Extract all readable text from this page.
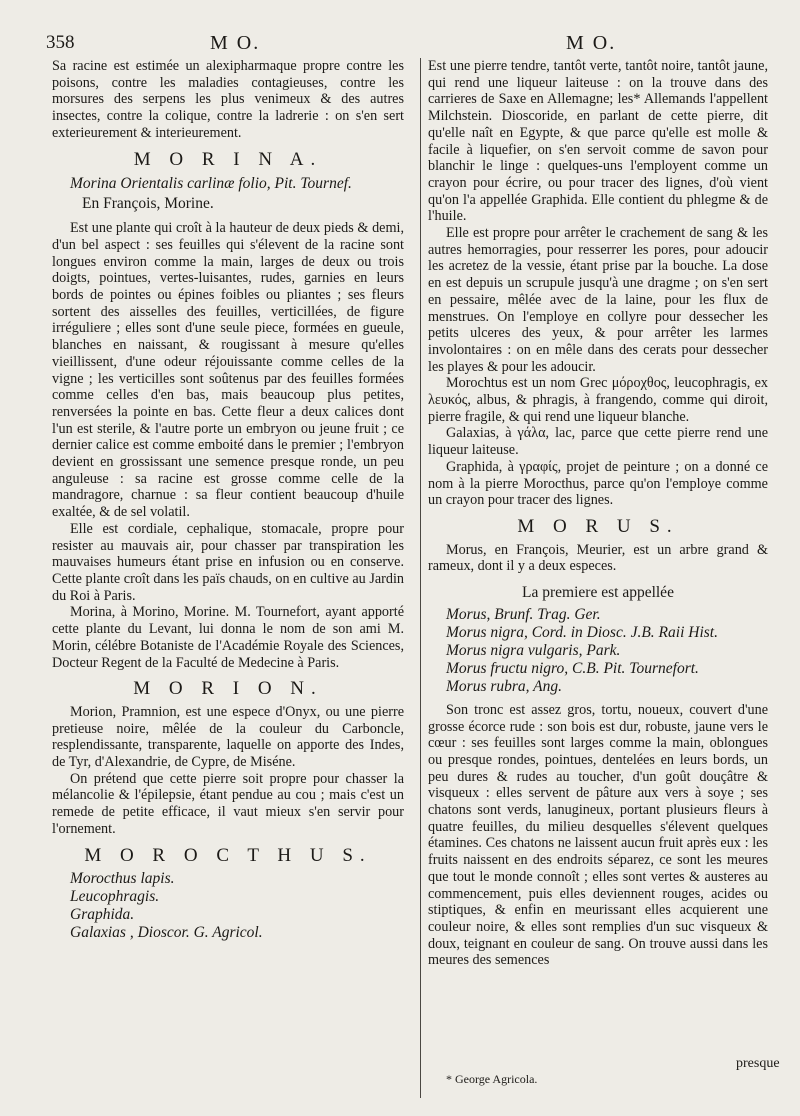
358	M O.	M O.

Sa racine est estimée un alexipharmaque propre contre les poisons, contre les maladies contagieuses, contre les morsures des serpens les plus venimeux & des autres insectes, contre la colique, contre la ladrerie : on s'en sert exterieurement & interieurement.

M O R I N A.

Morina Orientalis carlinæ folio, Pit. Tournef.

En François, Morine.

Est une plante qui croît à la hauteur de deux pieds & demi, d'un bel aspect : ses feuilles qui s'élevent de la racine sont longues environ comme la main, larges de deux ou trois doigts, pointues, vertes-luisantes, rudes, garnies en leurs bords de pointes ou épines foibles ou pliantes ; ses fleurs sortent des aisselles des feuilles, verticillées, de figure irréguliere ; elles sont d'une seule piece, formées en gueule, blanches en naissant, & rougissant à mesure qu'elles vieillissent, d'une odeur réjouissante comme celles de la vigne ; les verticilles sont soûtenus par des feuilles formées comme celles d'en bas, mais beaucoup plus petites, renversées la pointe en bas. Cette fleur a deux calices dont l'un est sterile, & l'autre porte un embryon ou jeune fruit ; ce dernier calice est comme emboité dans le premier ; l'embryon devient en grossissant une semence presque ronde, un peu anguleuse : sa racine est grosse comme celle de la mandragore, charnue : sa fleur contient beaucoup d'huile exaltée, & de sel volatil.

Elle est cordiale, cephalique, stomacale, propre pour resister au mauvais air, pour chasser par transpiration les mauvaises humeurs étant prise en infusion ou en conserve. Cette plante croît dans les païs chauds, on en cultive au Jardin du Roi à Paris.

Morina, à Morino, Morine. M. Tournefort, ayant apporté cette plante du Levant, lui donna le nom de son ami M. Morin, célébre Botaniste de l'Académie Royale des Sciences, Docteur Regent de la Faculté de Medecine à Paris.

M O R I O N.

Morion, Pramnion, est une espece d'Onyx, ou une pierre pretieuse noire, mêlée de la couleur du Carboncle, resplendissante, transparente, laquelle on apporte des Indes, de Tyr, d'Alexandrie, de Cypre, de Miséne.

On prétend que cette pierre soit propre pour chasser la mélancolie & l'épilepsie, étant pendue au cou ; mais c'est un remede de petite efficace, il vaut mieux s'en servir pour l'ornement.

M O R O C T H U S.
Morocthus lapis.
Leucophragis.
Graphida.
Galaxias , Dioscor. G. Agricol.

Est une pierre tendre, tantôt verte, tantôt noire, tantôt jaune, qui rend une liqueur laiteuse : on la trouve dans des carrieres de Saxe en Allemagne; les* Allemands l'appellent Milchstein. Dioscoride, en parlant de cette pierre, dit qu'elle naît en Egypte, & que parce qu'elle est molle & facile à liquefier, on s'en servoit comme de savon pour blanchir le linge : quelques-uns l'employent comme un crayon pour écrire, ou pour tracer des lignes, d'où vient qu'on l'a appellée Graphida. Elle contient du phlegme & de l'huile.

Elle est propre pour arrêter le crachement de sang & les autres hemorragies, pour resserrer les pores, pour adoucir les acretez de la vessie, étant prise par la bouche. La dose en est depuis un scrupule jusqu'à une dragme ; on s'en sert en pessaire, mêlée avec de la laine, pour les flux de menstrues. On l'employe en collyre pour dessecher les petits ulceres des yeux, & pour arrêter les larmes involontaires : on en mêle dans des cerats pour dessecher les playes & pour les adoucir.

Morochtus est un nom Grec μόροχθος, leucophragis, ex λευκός, albus, & phragis, à frangendo, comme qui diroit, pierre fragile, & qui rend une liqueur blanche.

Galaxias, à γάλα, lac, parce que cette pierre rend une liqueur laiteuse.

Graphida, à γραφίς, projet de peinture ; on a donné ce nom à la pierre Morocthus, parce qu'on l'employe comme un crayon pour tracer des lignes.

M O R U S.

Morus, en François, Meurier, est un arbre grand & rameux, dont il y a deux especes.

La premiere est appellée
Morus, Brunf. Trag. Ger.
Morus nigra, Cord. in Diosc. J.B. Raii Hist.
Morus nigra vulgaris, Park.
Morus fructu nigro, C.B. Pit. Tournefort.
Morus rubra, Ang.

Son tronc est assez gros, tortu, noueux, couvert d'une grosse écorce rude : son bois est dur, robuste, jaune vers le cœur : ses feuilles sont larges comme la main, oblongues ou presque rondes, pointues, dentelées en leurs bords, un peu dures & rudes au toucher, d'un goût douçâtre & visqueux : elles servent de pâture aux vers à soye ; ses chatons sont verds, lanugineux, portant plusieurs fleurs à quatre feuilles, du milieu desquelles s'élevent quelques étamines. Ces chatons ne laissent aucun fruit après eux : les fruits naissent en des endroits séparez, ce sont les meures que tout le monde connoît ; elles sont vertes & austeres au commencement, puis elles deviennent rouges, acides ou stiptiques, & enfin en meurissant elles acquierent une couleur noire, & elles sont remplies d'un suc visqueux & doux, teignant en couleur de sang. On trouve aussi dans les meures des semences

presque
* George Agricola.
